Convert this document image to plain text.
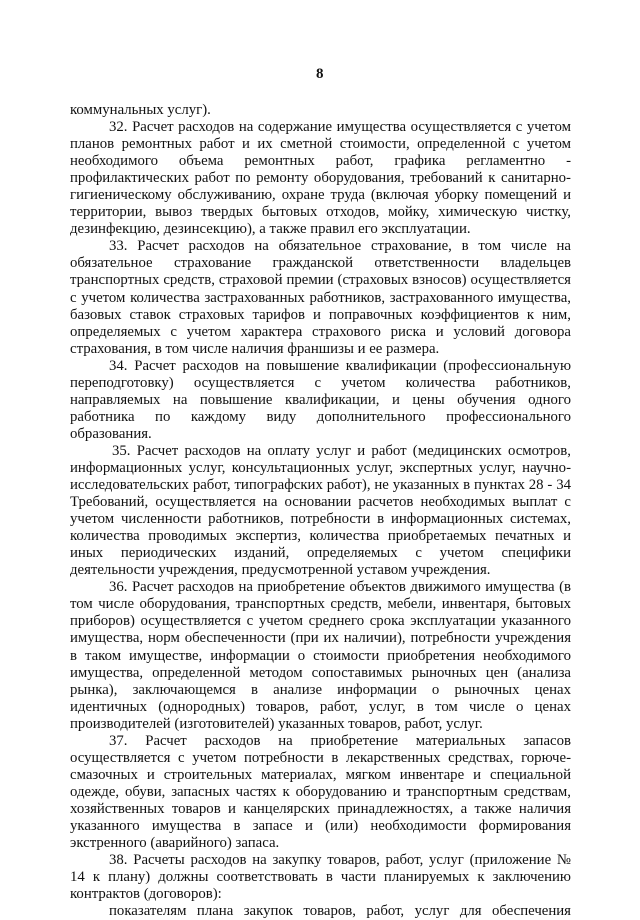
8

коммунальных услуг).

32. Расчет расходов на содержание имущества осуществляется с учетом планов ремонтных работ и их сметной стоимости, определенной с учетом необходимого объема ремонтных работ, графика регламентно - профилактических работ по ремонту оборудования, требований к санитарно-гигиеническому обслуживанию, охране труда (включая уборку помещений и территории, вывоз твердых бытовых отходов, мойку, химическую чистку, дезинфекцию, дезинсекцию), а также правил его эксплуатации.

33. Расчет расходов на обязательное страхование, в том числе на обязательное страхование гражданской ответственности владельцев транспортных средств, страховой премии (страховых взносов) осуществляется с учетом количества застрахованных работников, застрахованного имущества, базовых ставок страховых тарифов и поправочных коэффициентов к ним, определяемых с учетом характера страхового риска и условий договора страхования, в том числе наличия франшизы и ее размера.

34. Расчет расходов на повышение квалификации (профессиональную переподготовку) осуществляется с учетом количества работников, направляемых на повышение квалификации, и цены обучения одного работника по каждому виду дополнительного профессионального образования.

35. Расчет расходов на оплату услуг и работ (медицинских осмотров, информационных услуг, консультационных услуг, экспертных услуг, научно-исследовательских работ, типографских работ), не указанных в пунктах 28 - 34 Требований, осуществляется на основании расчетов необходимых выплат с учетом численности работников, потребности в информационных системах, количества проводимых экспертиз, количества приобретаемых печатных и иных периодических изданий, определяемых с учетом специфики деятельности учреждения, предусмотренной уставом учреждения.

36. Расчет расходов на приобретение объектов движимого имущества (в том числе оборудования, транспортных средств, мебели, инвентаря, бытовых приборов) осуществляется с учетом среднего срока эксплуатации указанного имущества, норм обеспеченности (при их наличии), потребности учреждения в таком имуществе, информации о стоимости приобретения необходимого имущества, определенной методом сопоставимых рыночных цен (анализа рынка), заключающемся в анализе информации о рыночных ценах идентичных (однородных) товаров, работ, услуг, в том числе о ценах производителей (изготовителей) указанных товаров, работ, услуг.

37. Расчет расходов на приобретение материальных запасов осуществляется с учетом потребности в лекарственных средствах, горюче-смазочных и строительных материалах, мягком инвентаре и специальной одежде, обуви, запасных частях к оборудованию и транспортным средствам, хозяйственных товаров и канцелярских принадлежностях, а также наличия указанного имущества в запасе и (или) необходимости формирования экстренного (аварийного) запаса.

38. Расчеты расходов на закупку товаров, работ, услуг (приложение № 14 к плану) должны соответствовать в части планируемых к заключению контрактов (договоров):

показателям плана закупок товаров, работ, услуг для обеспечения
